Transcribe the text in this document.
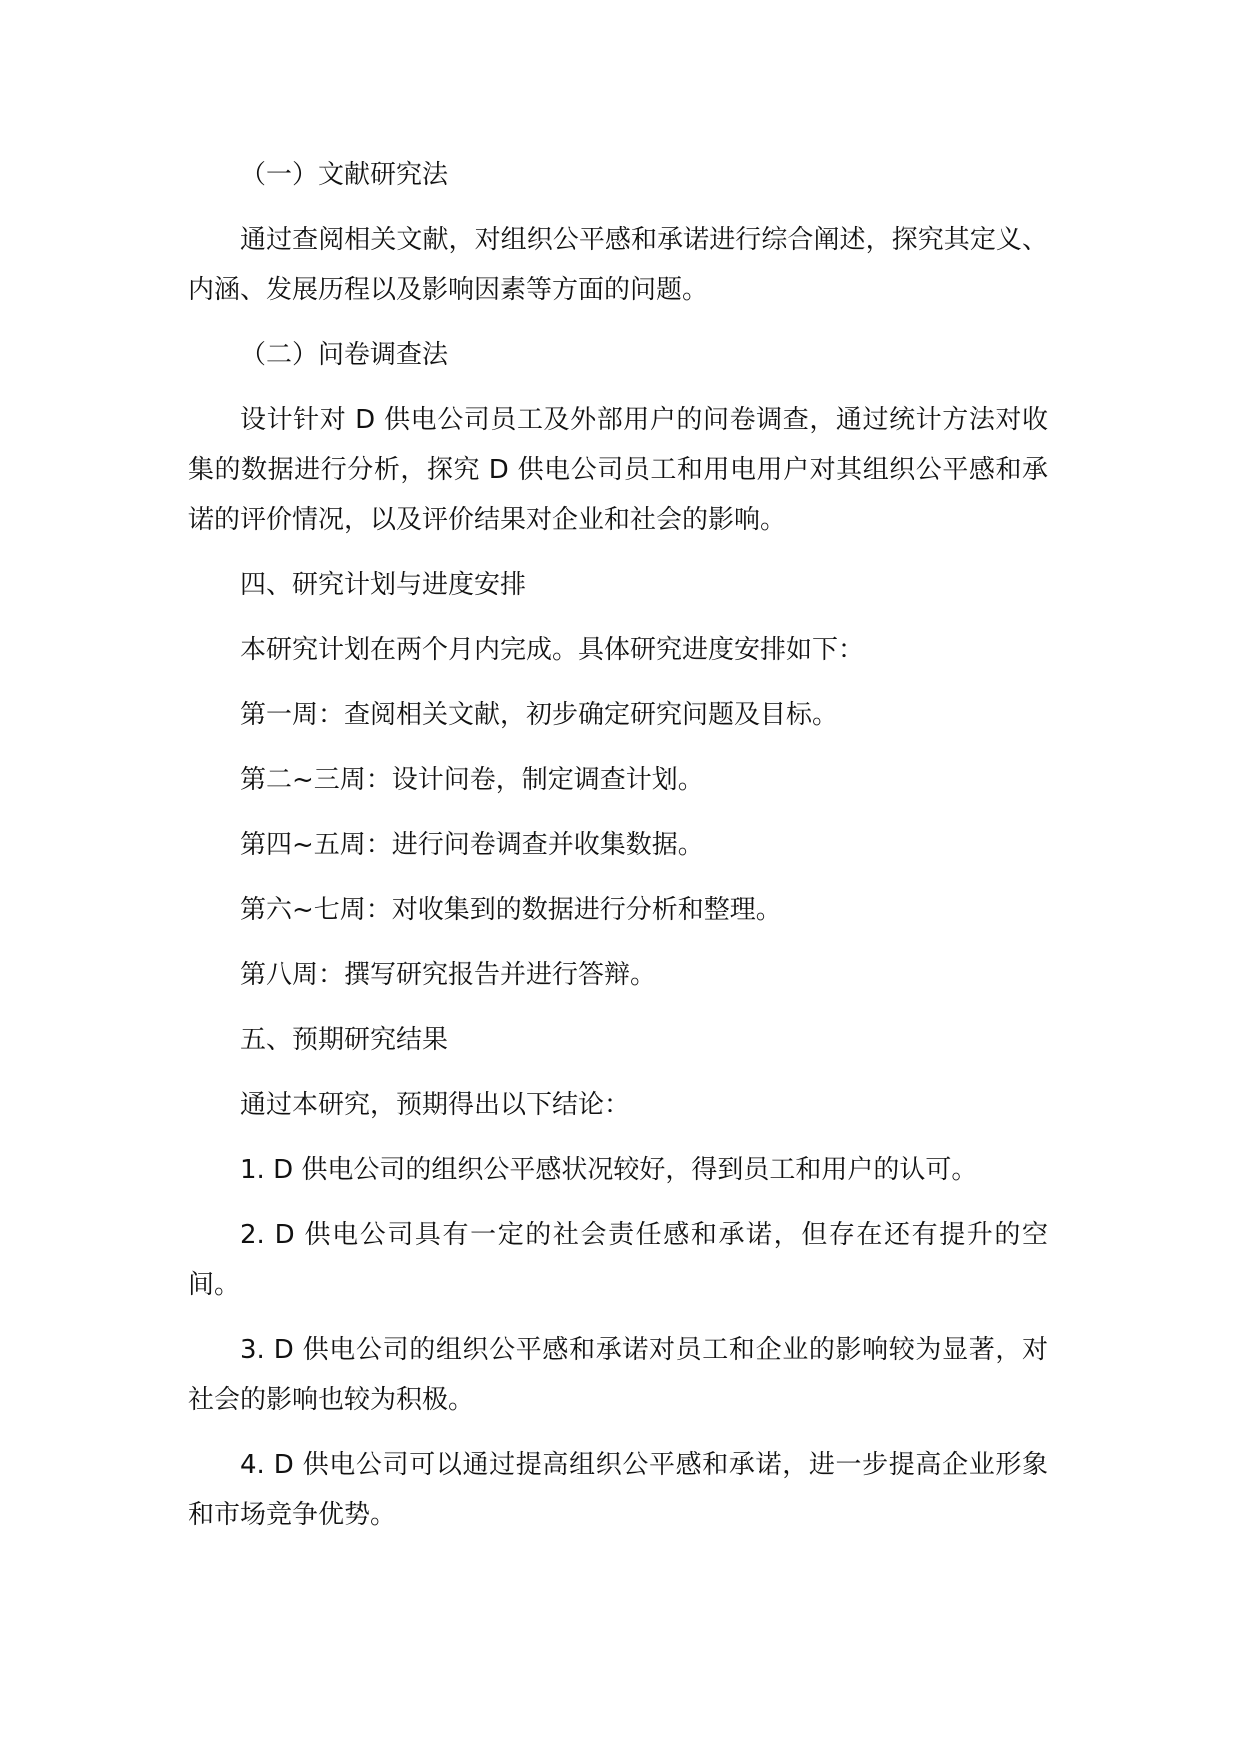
（一）文献研究法

通过查阅相关文献，对组织公平感和承诺进行综合阐述，探究其定义、内涵、发展历程以及影响因素等方面的问题。

（二）问卷调查法

设计针对 D 供电公司员工及外部用户的问卷调查，通过统计方法对收集的数据进行分析，探究 D 供电公司员工和用电用户对其组织公平感和承诺的评价情况，以及评价结果对企业和社会的影响。

四、研究计划与进度安排

本研究计划在两个月内完成。具体研究进度安排如下：

第一周：查阅相关文献，初步确定研究问题及目标。

第二~三周：设计问卷，制定调查计划。

第四~五周：进行问卷调查并收集数据。

第六~七周：对收集到的数据进行分析和整理。

第八周：撰写研究报告并进行答辩。

五、预期研究结果

通过本研究，预期得出以下结论：

1. D 供电公司的组织公平感状况较好，得到员工和用户的认可。

2. D 供电公司具有一定的社会责任感和承诺，但存在还有提升的空间。

3. D 供电公司的组织公平感和承诺对员工和企业的影响较为显著，对社会的影响也较为积极。

4. D 供电公司可以通过提高组织公平感和承诺，进一步提高企业形象和市场竞争优势。
